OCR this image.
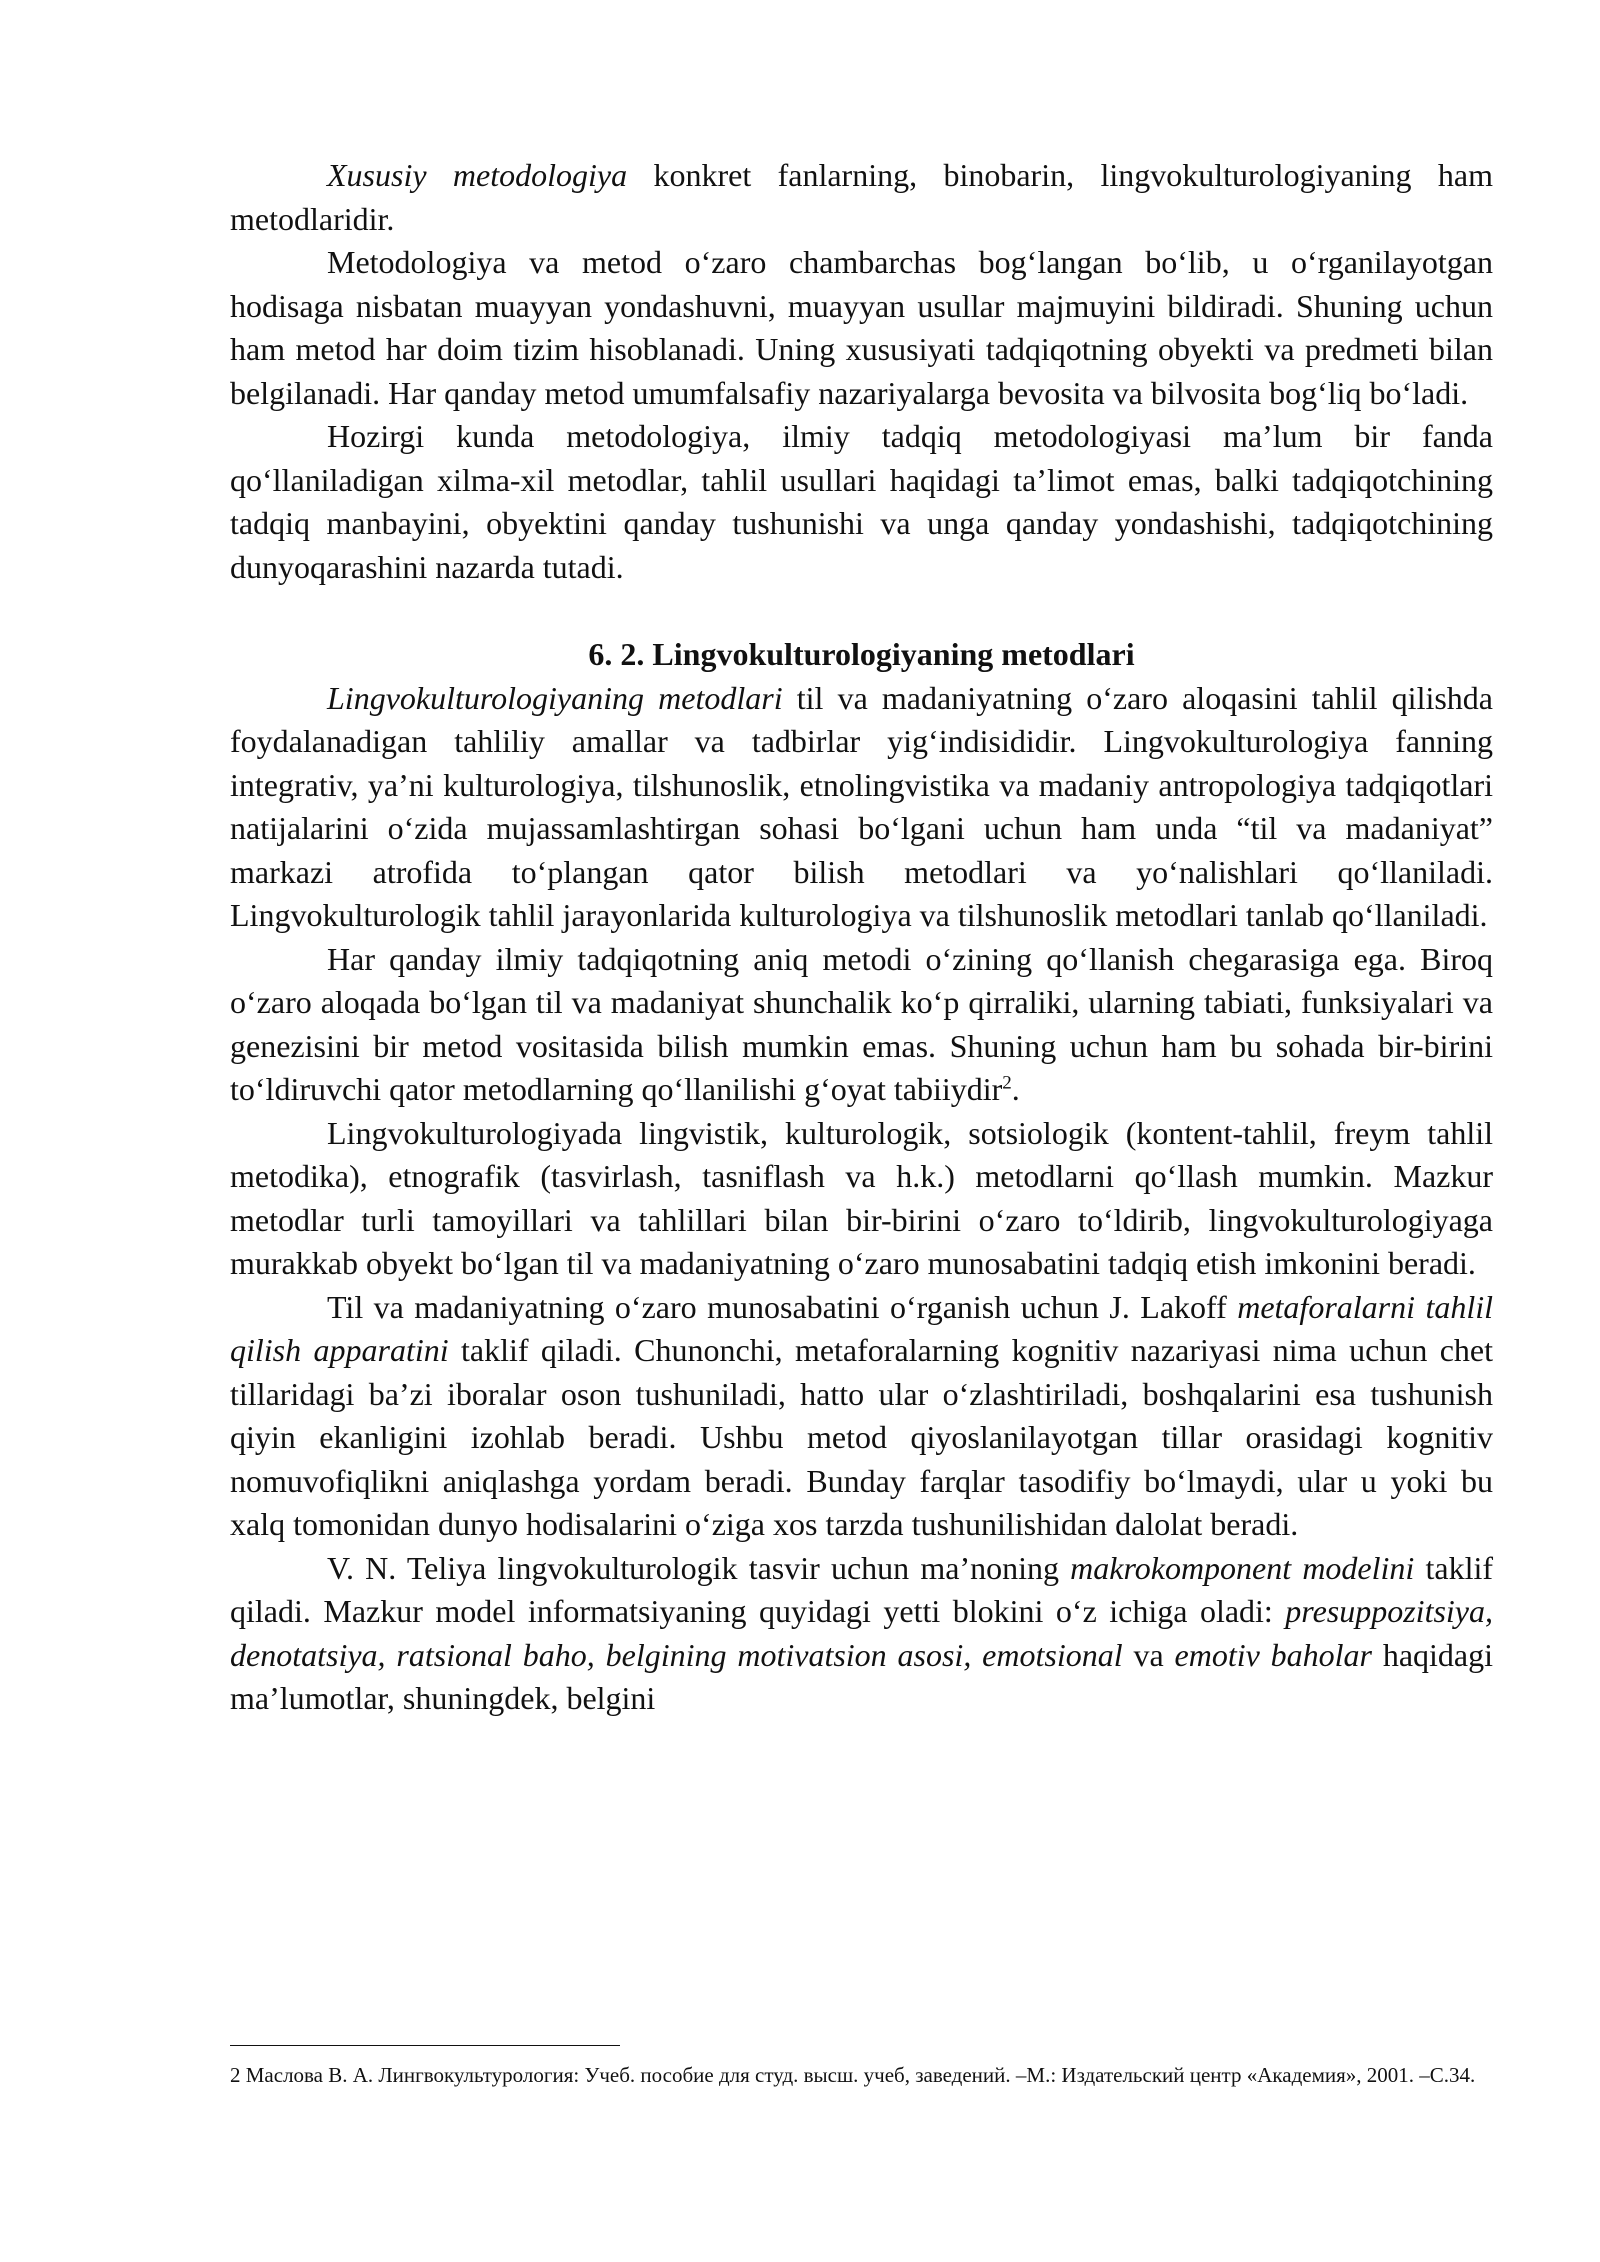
Xususiy metodologiya konkret fanlarning, binobarin, lingvokulturologiyaning ham metodlaridir.

Metodologiya va metod o‘zaro chambarchas bog‘langan bo‘lib, u o‘rganilayotgan hodisaga nisbatan muayyan yondashuvni, muayyan usullar majmuyini bildiradi. Shuning uchun ham metod har doim tizim hisoblanadi. Uning xususiyati tadqiqotning obyekti va predmeti bilan belgilanadi. Har qanday metod umumfalsafiy nazariyalarga bevosita va bilvosita bog‘liq bo‘ladi.

Hozirgi kunda metodologiya, ilmiy tadqiq metodologiyasi ma’lum bir fanda qo‘llaniladigan xilma-xil metodlar, tahlil usullari haqidagi ta’limot emas, balki tadqiqotchining tadqiq manbayini, obyektini qanday tushunishi va unga qanday yondashishi, tadqiqotchining dunyoqarashini nazarda tutadi.

6. 2. Lingvokulturologiyaning metodlari

Lingvokulturologiyaning metodlari til va madaniyatning o‘zaro aloqasini tahlil qilishda foydalanadigan tahliliy amallar va tadbirlar yig‘indisididir. Lingvokulturologiya fanning integrativ, ya’ni kulturologiya, tilshunoslik, etnolingvistika va madaniy antropologiya tadqiqotlari natijalarini o‘zida mujassamlashtirgan sohasi bo‘lgani uchun ham unda “til va madaniyat” markazi atrofida to‘plangan qator bilish metodlari va yo‘nalishlari qo‘llaniladi. Lingvokulturologik tahlil jarayonlarida kulturologiya va tilshunoslik metodlari tanlab qo‘llaniladi.

Har qanday ilmiy tadqiqotning aniq metodi o‘zining qo‘llanish chegarasiga ega. Biroq o‘zaro aloqada bo‘lgan til va madaniyat shunchalik ko‘p qirraliki, ularning tabiati, funksiyalari va genezisini bir metod vositasida bilish mumkin emas. Shuning uchun ham bu sohada bir-birini to‘ldiruvchi qator metodlarning qo‘llanilishi g‘oyat tabiiydir$^2$.

Lingvokulturologiyada lingvistik, kulturologik, sotsiologik (kontent-tahlil, freym tahlil metodika), etnografik (tasvirlash, tasniflash va h.k.) metodlarni qo‘llash mumkin. Mazkur metodlar turli tamoyillari va tahlillari bilan bir-birini o‘zaro to‘ldirib, lingvokulturologiyaga murakkab obyekt bo‘lgan til va madaniyatning o‘zaro munosabatini tadqiq etish imkonini beradi.

Til va madaniyatning o‘zaro munosabatini o‘rganish uchun J. Lakoff metaforalarni tahlil qilish apparatini taklif qiladi. Chunonchi, metaforalarning kognitiv nazariyasi nima uchun chet tillaridagi ba’zi iboralar oson tushuniladi, hatto ular o‘zlashtiriladi, boshqalarini esa tushunish qiyin ekanligini izohlab beradi. Ushbu metod qiyoslanilayotgan tillar orasidagi kognitiv nomuvofiqlikni aniqlashga yordam beradi. Bunday farqlar tasodifiy bo‘lmaydi, ular u yoki bu xalq tomonidan dunyo hodisalarini o‘ziga xos tarzda tushunilishidan dalolat beradi.

V. N. Teliya lingvokulturologik tasvir uchun ma’noning makrokomponent modelini taklif qiladi. Mazkur model informatsiyaning quyidagi yetti blokini o‘z ichiga oladi: presuppozitsiya, denotatsiya, ratsional baho, belgining motivatsion asosi, emotsional va emotiv baholar haqidagi ma’lumotlar, shuningdek, belgini

2 Маслова В. А. Лингвокультурология: Учеб. пособие для студ. высш. учеб, заведений. –М.: Издательский центр «Академия», 2001. –С.34.
